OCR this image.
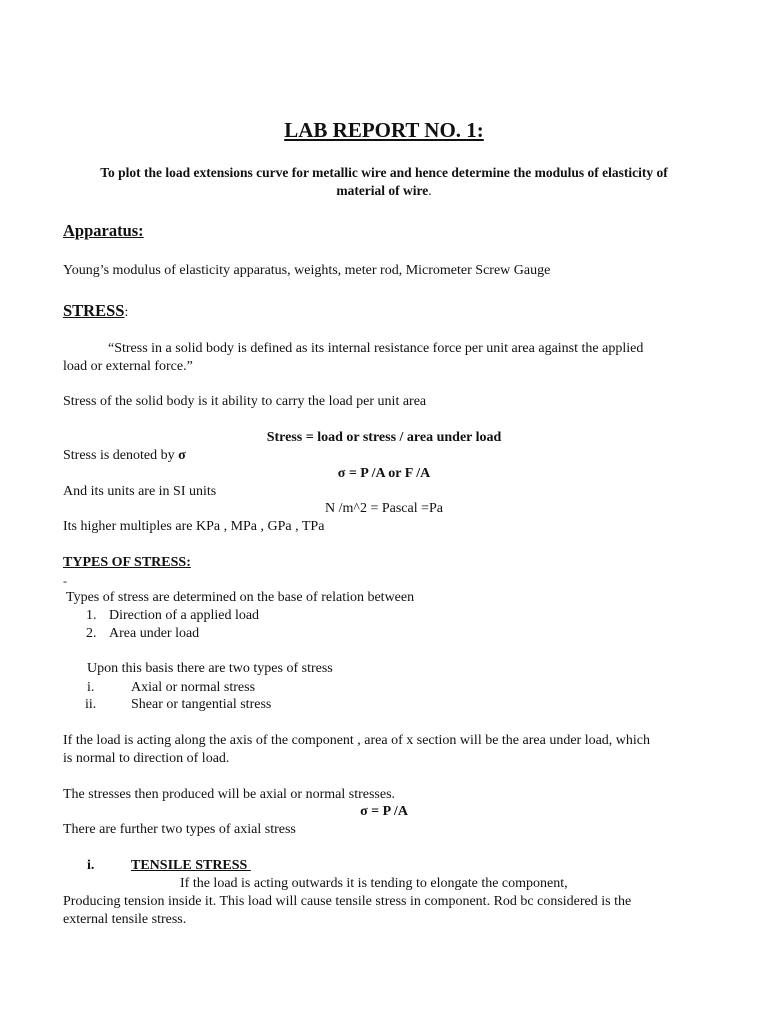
LAB REPORT NO. 1:
To plot the load extensions curve for metallic wire and hence determine the modulus of elasticity of
material of wire.
Apparatus:
Young’s modulus of elasticity apparatus, weights, meter rod, Micrometer Screw Gauge
STRESS:
“Stress in a solid body is defined as its internal resistance force per unit area against the applied
load or external force.”
Stress of the solid body is it ability to carry the load per unit area
Stress = load or stress / area under load
Stress is denoted by σ
σ = P /A or F /A
And its units are in SI units
N /m^2 = Pascal =Pa
Its higher multiples are KPa , MPa , GPa , TPa
TYPES OF STRESS:
-
Types of stress are determined on the base of relation between
1. Direction of a applied load
2. Area under load
Upon this basis there are two types of stress
i.	Axial or normal stress
ii. Shear or tangential stress
If the load is acting along the axis of the component , area of x section will be the area under load, which
is normal to direction of load.
The stresses then produced will be axial or normal stresses.
σ = P /A
There are further two types of axial stress
i.	TENSILE STRESS
If the load is acting outwards it is tending to elongate the component,
Producing tension inside it. This load will cause tensile stress in component. Rod bc considered is the
external tensile stress.
